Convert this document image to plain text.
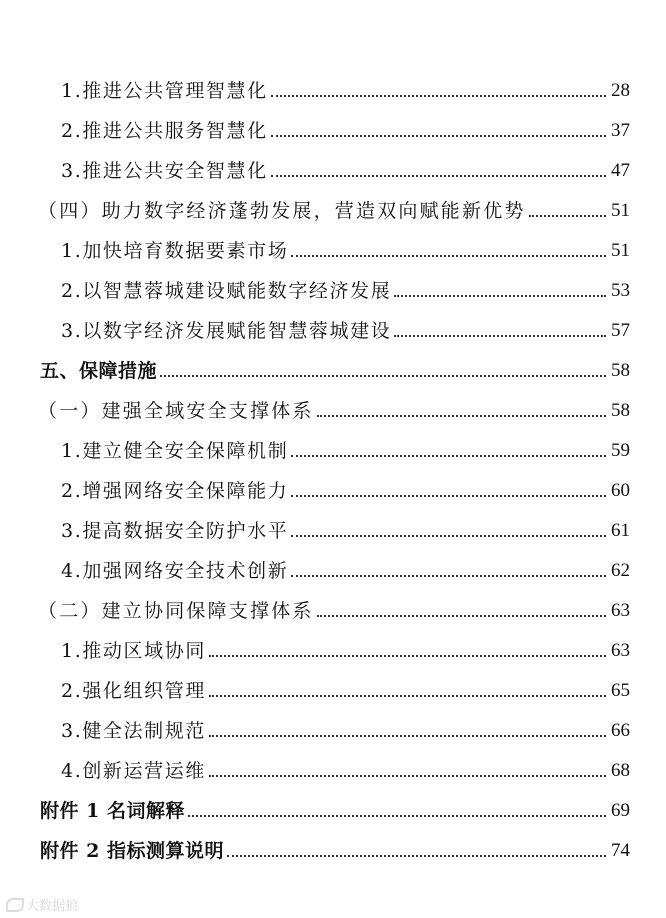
1.推进公共管理智慧化	28
2.推进公共服务智慧化	37
3.推进公共安全智慧化	47
（四）助力数字经济蓬勃发展，营造双向赋能新优势	51
1.加快培育数据要素市场	51
2.以智慧蓉城建设赋能数字经济发展	53
3.以数字经济发展赋能智慧蓉城建设	57
五、保障措施	58
（一）建强全域安全支撑体系	58
1.建立健全安全保障机制	59
2.增强网络安全保障能力	60
3.提高数据安全防护水平	61
4.加强网络安全技术创新	62
（二）建立协同保障支撑体系	63
1.推动区域协同	63
2.强化组织管理	65
3.健全法制规范	66
4.创新运营运维	68
附件 1 名词解释	69
附件 2 指标测算说明	74
大数据狼
